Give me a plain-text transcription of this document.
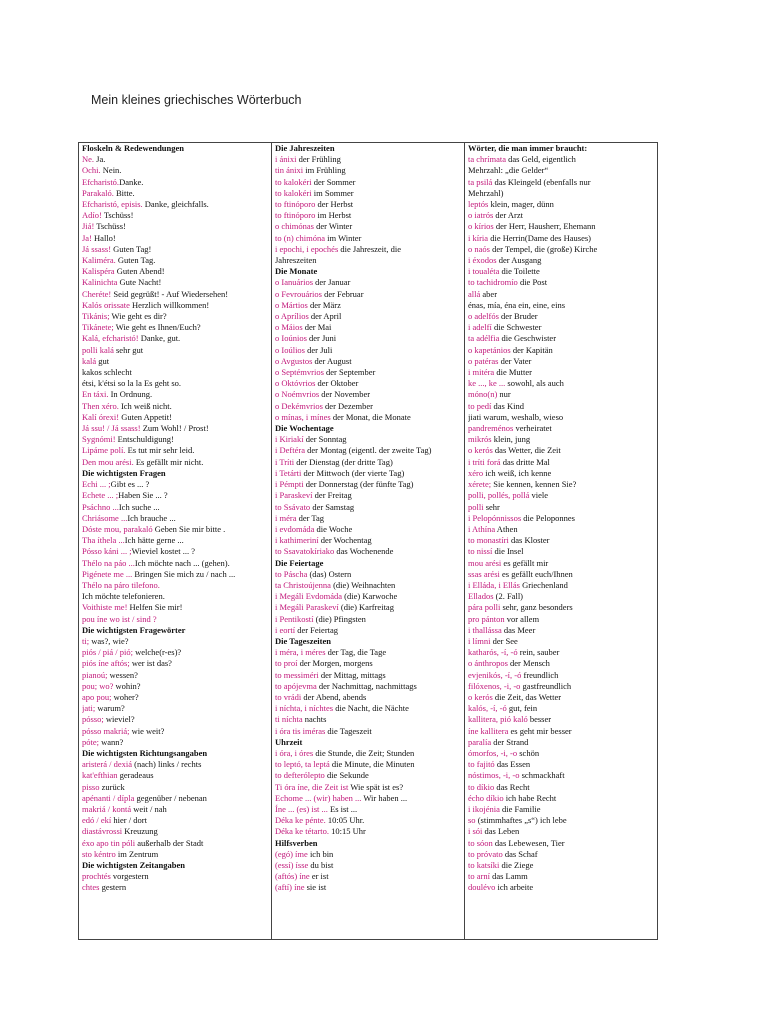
Mein kleines griechisches Wörterbuch
Floskeln & Redewendungen
Ne. Ja.
Ochi. Nein.
Efcharistó.Danke.
Parakaló. Bitte.
Efcharistó, episis. Danke, gleichfalls.
Adío! Tschüss!
Jiá! Tschüss!
Ja! Hallo!
Já ssass! Guten Tag!
Kaliméra. Guten Tag.
Kalispéra Guten Abend!
Kalinichta Gute Nacht!
Cheréte! Seid gegrüßt! - Auf Wiedersehen!
Kalós orissate Herzlich willkommen!
Tikánis; Wie geht es dir?
Tikánete; Wie geht es Ihnen/Euch?
Kalá, efcharistó! Danke, gut.
polli kalá sehr gut
kalá gut
kakos schlecht
étsi, k'étsi so la la Es geht so.
En táxi. In Ordnung.
Then xéro. Ich weiß nicht.
Kalí órexi! Guten Appetit!
Já ssu! / Já ssass! Zum Wohl! / Prost!
Sygnómi! Entschuldigung!
Lipáme polí. Es tut mir sehr leid.
Den mou arési. Es gefällt mir nicht.
Die wichtigsten Fragen
Echi ... ;Gibt es ... ?
Echete ... ;Haben Sie ... ?
Psáchno ...Ich suche ...
Chriásome ...Ich brauche ...
Dóste mou, parakaló Geben Sie mir bitte .
Tha íthela ...Ich hätte gerne ...
Pósso káni ... ;Wieviel kostet ... ?
Thélo na páo ...Ich möchte nach ... (gehen).
Pigénete me ... Bringen Sie mich zu / nach ...
Thélo na páro tilefono.
Ich möchte telefonieren.
Voithiste me! Helfen Sie mir!
pou íne wo ist / sind ?
Die wichtigsten Fragewörter
ti; was?, wie?
piós / piá / pió; welche(r-es)?
piós íne aftós; wer ist das?
pianoú; wessen?
pou; wo? wohin?
apo pou; woher?
jati; warum?
pósso; wieviel?
pósso makriá; wie weit?
póte; wann?
Die wichtigsten Richtungsangaben
aristerá / dexiá (nach) links / rechts
kat'efthian geradeaus
pisso zurück
apénanti / dípla gegenüber / nebenan
makriá / kontá weit / nah
edó / ekí hier / dort
diastávrossi Kreuzung
éxo apo tin póli außerhalb der Stadt
sto kéntro im Zentrum
Die wichtigsten Zeitangaben
prochtés vorgestern
chtes gestern

Die Jahreszeiten
i ánixi der Frühling
tin ánixi im Frühling
to kalokéri der Sommer
to kalokéri im Sommer
to ftinóporo der Herbst
to ftinóporo im Herbst
o chimónas der Winter
to (n) chimóna im Winter
i epochi, i epochés die Jahreszeit, die
Jahreszeiten
Die Monate
o Ianuários der Januar
o Fevrouários der Februar
o Mártios der März
o Aprílios der April
o Máios der Mai
o Ioúnios der Juni
o Ioúlios der Juli
o Avgustos der August
o Septémvrios der September
o Októvrios der Oktober
o Noémvrios der November
o Dekémvrios der Dezember
o mínas, i mínes der Monat, die Monate
Die Wochentage
i Kiriakí der Sonntag
i Deftéra der Montag (eigentl. der zweite Tag)
i Tríti der Dienstag (der dritte Tag)
i Tetárti der Mittwoch (der vierte Tag)
i Pémpti der Donnerstag (der fünfte Tag)
i Paraskeví der Freitag
to Ssávato der Samstag
i méra der Tag
i evdomáda die Woche
i kathimeriní der Wochentag
to Ssavatokíriako das Wochenende
Die Feiertage
to Páscha (das) Ostern
ta Christoújenna (die) Weihnachten
i Megáli Evdomáda (die) Karwoche
i Megáli Paraskeví (die) Karfreitag
i Pentikostí (die) Pfingsten
i eortí der Feiertag
Die Tageszeiten
i méra, i méres der Tag, die Tage
to proí der Morgen, morgens
to messiméri der Mittag, mittags
to apójevma der Nachmittag, nachmittags
to vrádi der Abend, abends
i níchta, i níchtes die Nacht, die Nächte
ti níchta nachts
i óra tis iméras die Tageszeit
Uhrzeit
i óra, i óres die Stunde, die Zeit; Stunden
to leptó, ta leptá die Minute, die Minuten
to defterólepto die Sekunde
Ti óra íne, die Zeit ist Wie spät ist es?
Echome ... (wir) haben ... Wir haben ...
Íne ... (es) ist ... Es ist ...
Déka ke pénte. 10:05 Uhr.
Déka ke tétarto. 10:15 Uhr
Hilfsverben
(egó) íme ich bin
(essí) ísse du bist
(aftós) íne er ist
(aftí) íne sie ist

Wörter, die man immer braucht:
ta chrímata das Geld, eigentlich
Mehrzahl: „die Gelder“
ta psilá das Kleingeld (ebenfalls nur
Mehrzahl)
leptós klein, mager, dünn
o iatrós der Arzt
o kírios der Herr, Hausherr, Ehemann
i kíria die Herrin(Dame des Hauses)
o naós der Tempel, die (große) Kirche
i éxodos der Ausgang
i toualéta die Toilette
to tachidromío die Post
allá aber
énas, mía, éna ein, eine, eins
o adelfós der Bruder
i adelfí die Schwester
ta adélfia die Geschwister
o kapetánios der Kapitän
o patéras der Vater
i mitéra die Mutter
ke ..., ke ... sowohl, als auch
móno(n) nur
to pedí das Kind
jiati warum, weshalb, wieso
pandreménos verheiratet
mikrós klein, jung
o kerós das Wetter, die Zeit
i tríti forá das dritte Mal
xéro ich weiß, ich kenne
xérete; Sie kennen, kennen Sie?
polli, pollés, pollá viele
polli sehr
i Pelopónnissos die Peloponnes
i Athína Athen
to monastíri das Kloster
to nissí die Insel
mou arési es gefällt mir
ssas arési es gefällt euch/Ihnen
i Elláda, i Ellás Griechenland
Ellados (2. Fall)
pára polli sehr, ganz besonders
pro pánton vor allem
i thallássa das Meer
i límni der See
katharós, -í, -ó rein, sauber
o ánthropos der Mensch
evjenikós, -í, -ó freundlich
filóxenos, -i, -o gastfreundlich
o kerós die Zeit, das Wetter
kalós, -í, -ó gut, fein
kallitera, pió kaló besser
íne kallitera es geht mir besser
paralía der Strand
ómorfos, -i, -o schön
to fajitó das Essen
nóstimos, -i, -o schmackhaft
to díkio das Recht
écho díkio ich habe Recht
i ikojénia die Familie
so (stimmhaftes „s“) ich lebe
i sói das Leben
to sóon das Lebewesen, Tier
to próvato das Schaf
to katsíki die Ziege
to arní das Lamm
doulévo ich arbeite
